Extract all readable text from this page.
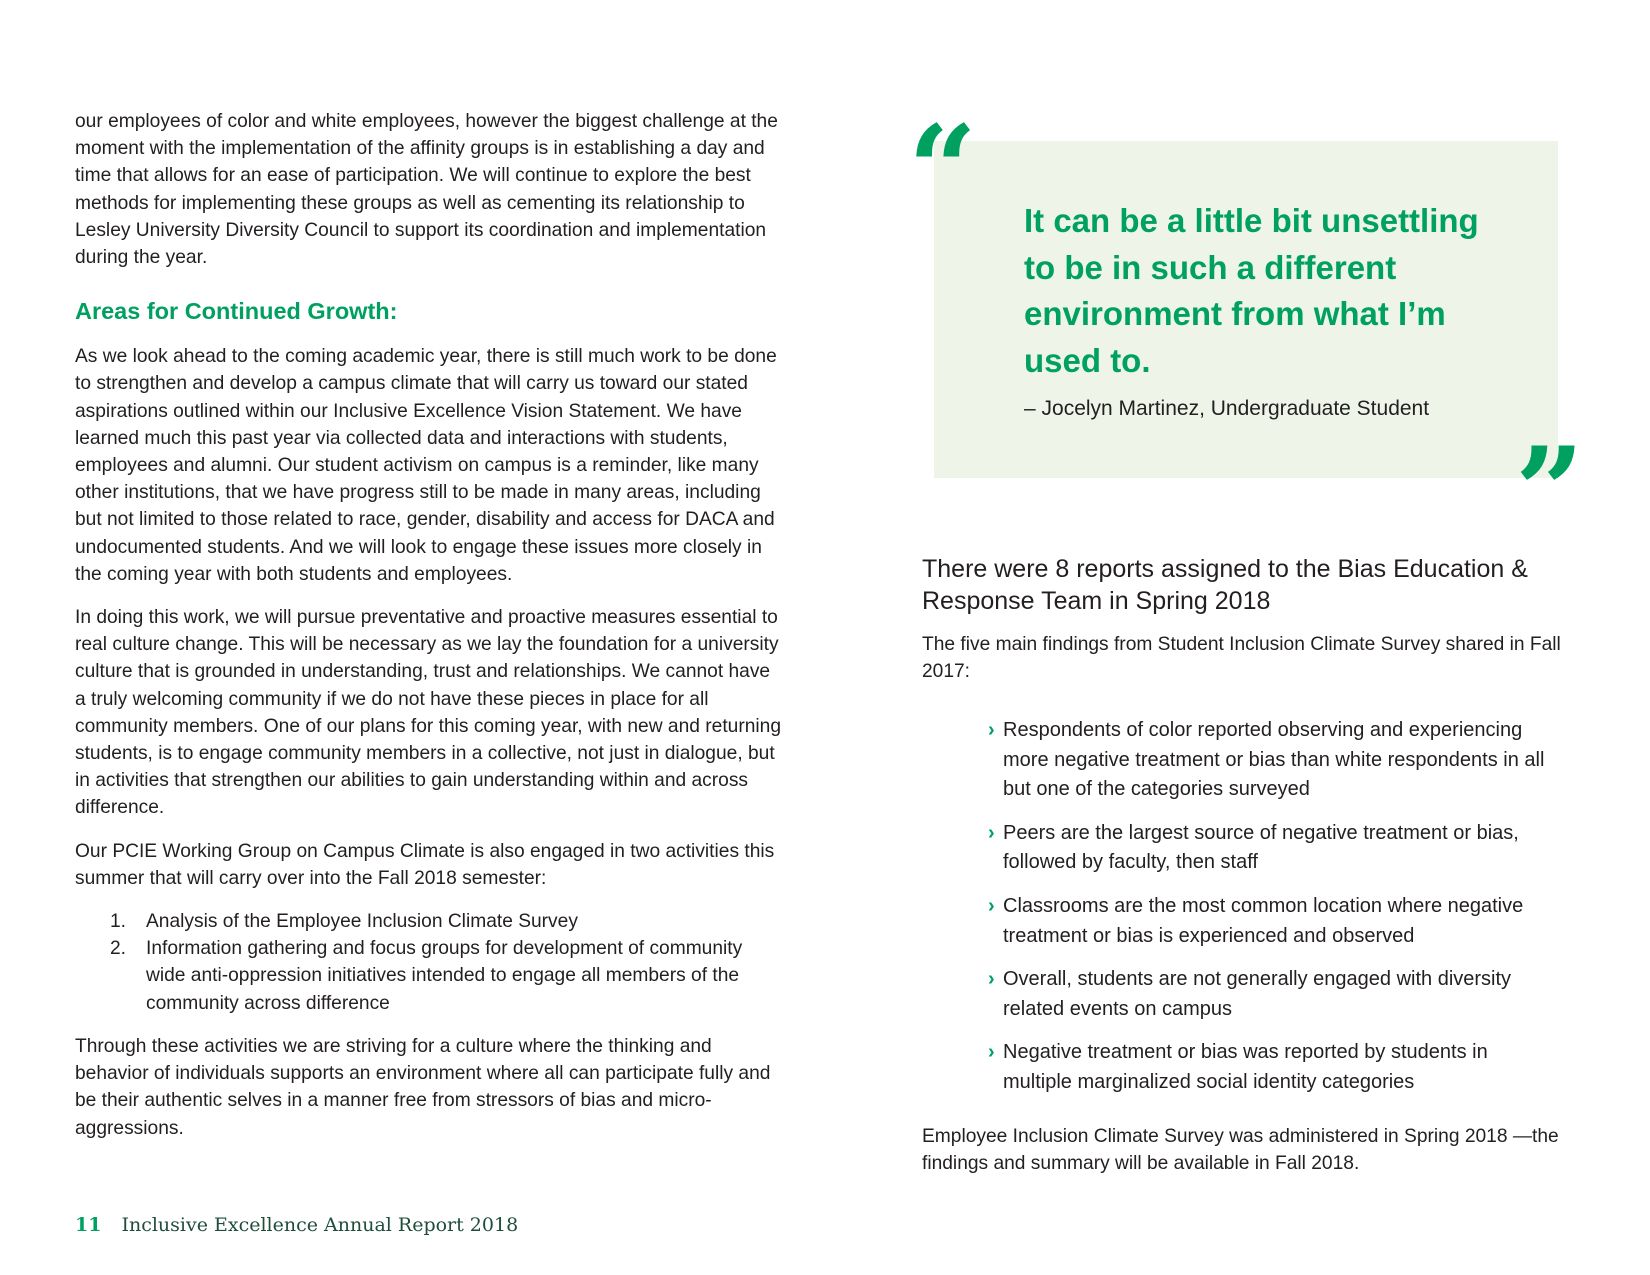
our employees of color and white employees, however the biggest challenge at the moment with the implementation of the affinity groups is in establishing a day and time that allows for an ease of participation. We will continue to explore the best methods for implementing these groups as well as cementing its relationship to Lesley University Diversity Council to support its coordination and implementation during the year.

Areas for Continued Growth:

As we look ahead to the coming academic year, there is still much work to be done to strengthen and develop a campus climate that will carry us toward our stated aspirations outlined within our Inclusive Excellence Vision Statement. We have learned much this past year via collected data and interactions with students, employees and alumni. Our student activism on campus is a reminder, like many other institutions, that we have progress still to be made in many areas, including but not limited to those related to race, gender, disability and access for DACA and undocumented students. And we will look to engage these issues more closely in the coming year with both students and employees.

In doing this work, we will pursue preventative and proactive measures essential to real culture change. This will be necessary as we lay the foundation for a university culture that is grounded in understanding, trust and relationships. We cannot have a truly welcoming community if we do not have these pieces in place for all community members. One of our plans for this coming year, with new and returning students, is to engage community members in a collective, not just in dialogue, but in activities that strengthen our abilities to gain understanding within and across difference.

Our PCIE Working Group on Campus Climate is also engaged in two activities this summer that will carry over into the Fall 2018 semester:

1.	Analysis of the Employee Inclusion Climate Survey
2.	Information gathering and focus groups for development of community wide anti-oppression initiatives intended to engage all members of the community across difference

Through these activities we are striving for a culture where the thinking and behavior of individuals supports an environment where all can participate fully and be their authentic selves in a manner free from stressors of bias and micro-aggressions.

“ It can be a little bit unsettling to be in such a different environment from what I’m used to.

– Jocelyn Martinez, Undergraduate Student

”

There were 8 reports assigned to the Bias Education & Response Team in Spring 2018

The five main findings from Student Inclusion Climate Survey shared in Fall 2017:

› Respondents of color reported observing and experiencing more negative treatment or bias than white respondents in all but one of the categories surveyed
› Peers are the largest source of negative treatment or bias, followed by faculty, then staff
› Classrooms are the most common location where negative treatment or bias is experienced and observed
› Overall, students are not generally engaged with diversity related events on campus
› Negative treatment or bias was reported by students in multiple marginalized social identity categories

Employee Inclusion Climate Survey was administered in Spring 2018 —the findings and summary will be available in Fall 2018.

11 Inclusive Excellence Annual Report 2018
